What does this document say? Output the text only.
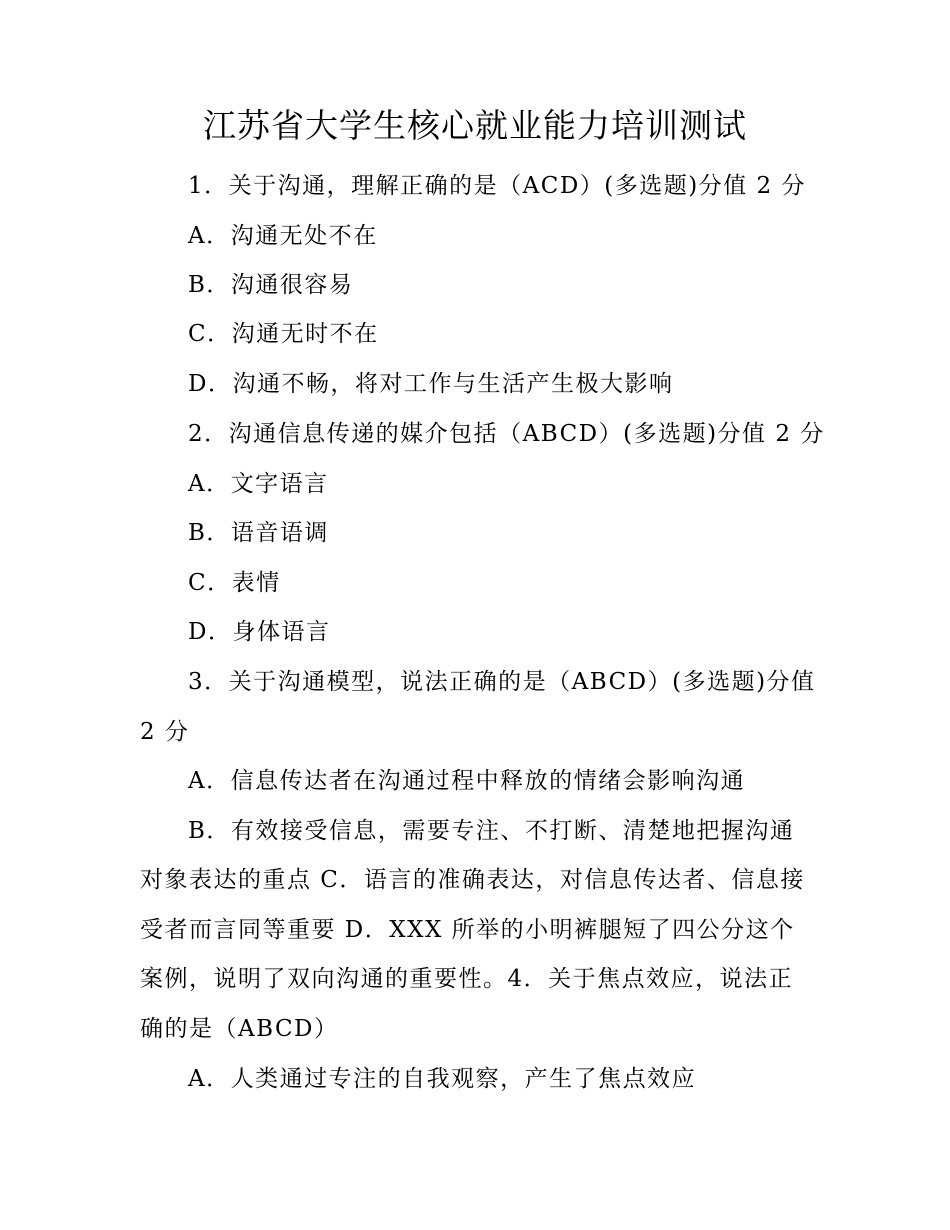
江苏省大学生核心就业能力培训测试
1．关于沟通，理解正确的是（ACD）(多选题)分值 2 分
A．沟通无处不在
B．沟通很容易
C．沟通无时不在
D．沟通不畅，将对工作与生活产生极大影响
2．沟通信息传递的媒介包括（ABCD）(多选题)分值 2 分
A．文字语言
B．语音语调
C．表情
D．身体语言
3．关于沟通模型，说法正确的是（ABCD）(多选题)分值
2 分
A．信息传达者在沟通过程中释放的情绪会影响沟通
B．有效接受信息，需要专注、不打断、清楚地把握沟通
对象表达的重点 C．语言的准确表达，对信息传达者、信息接
受者而言同等重要 D．XXX 所举的小明裤腿短了四公分这个
案例，说明了双向沟通的重要性。4．关于焦点效应，说法正
确的是（ABCD）
A．人类通过专注的自我观察，产生了焦点效应
